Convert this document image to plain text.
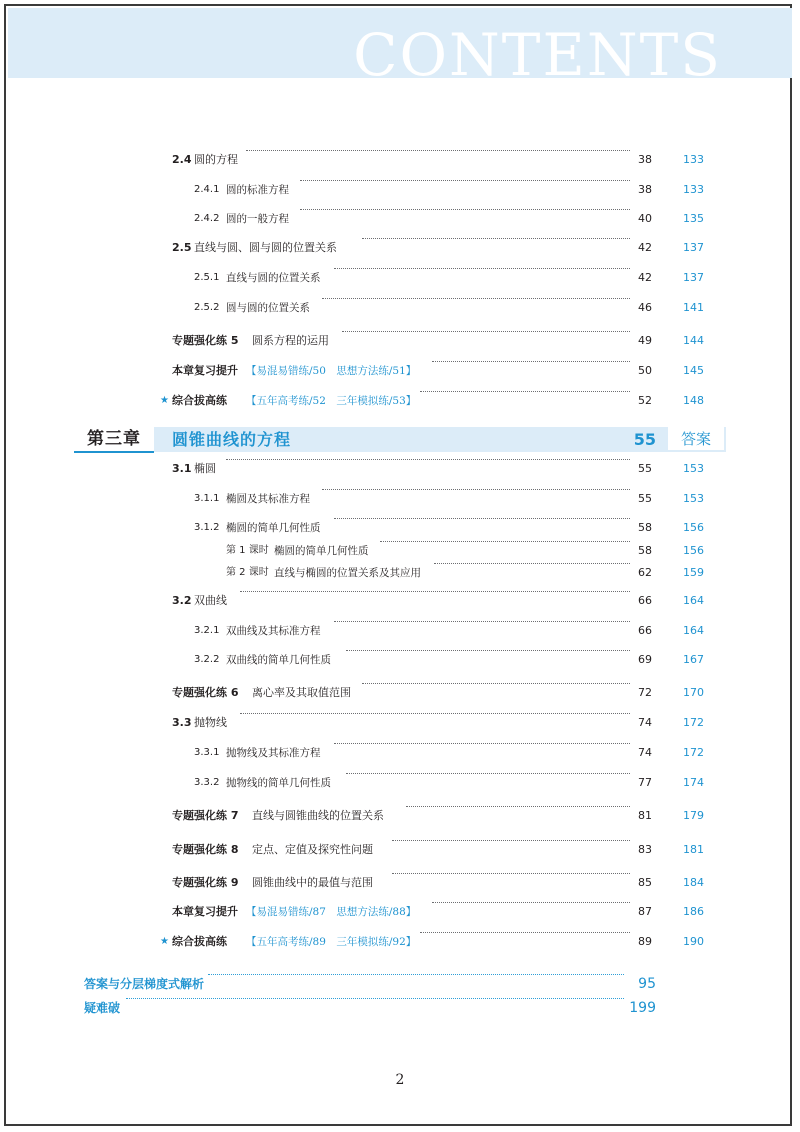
CONTENTS
2.4 圆的方程	38	133
2.4.1 圆的标准方程	38	133
2.4.2 圆的一般方程	40	135
2.5 直线与圆、圆与圆的位置关系	42	137
2.5.1 直线与圆的位置关系	42	137
2.5.2 圆与圆的位置关系	46	141
专题强化练 5 圆系方程的运用	49	144
本章复习提升 【易混易错练/50　思想方法练/51】	50	145
★ 综合拔高练 【五年高考练/52　三年模拟练/53】	52	148
第三章	圆锥曲线的方程	55	答案
3.1 椭圆	55	153
3.1.1 椭圆及其标准方程	55	153
3.1.2 椭圆的简单几何性质	58	156
第 1 课时 椭圆的简单几何性质	58	156
第 2 课时 直线与椭圆的位置关系及其应用	62	159
3.2 双曲线	66	164
3.2.1 双曲线及其标准方程	66	164
3.2.2 双曲线的简单几何性质	69	167
专题强化练 6 离心率及其取值范围	72	170
3.3 抛物线	74	172
3.3.1 抛物线及其标准方程	74	172
3.3.2 抛物线的简单几何性质	77	174
专题强化练 7 直线与圆锥曲线的位置关系	81	179
专题强化练 8 定点、定值及探究性问题	83	181
专题强化练 9 圆锥曲线中的最值与范围	85	184
本章复习提升 【易混易错练/87　思想方法练/88】	87	186
★ 综合拔高练 【五年高考练/89　三年模拟练/92】	89	190
答案与分层梯度式解析	95
疑难破	199
2
